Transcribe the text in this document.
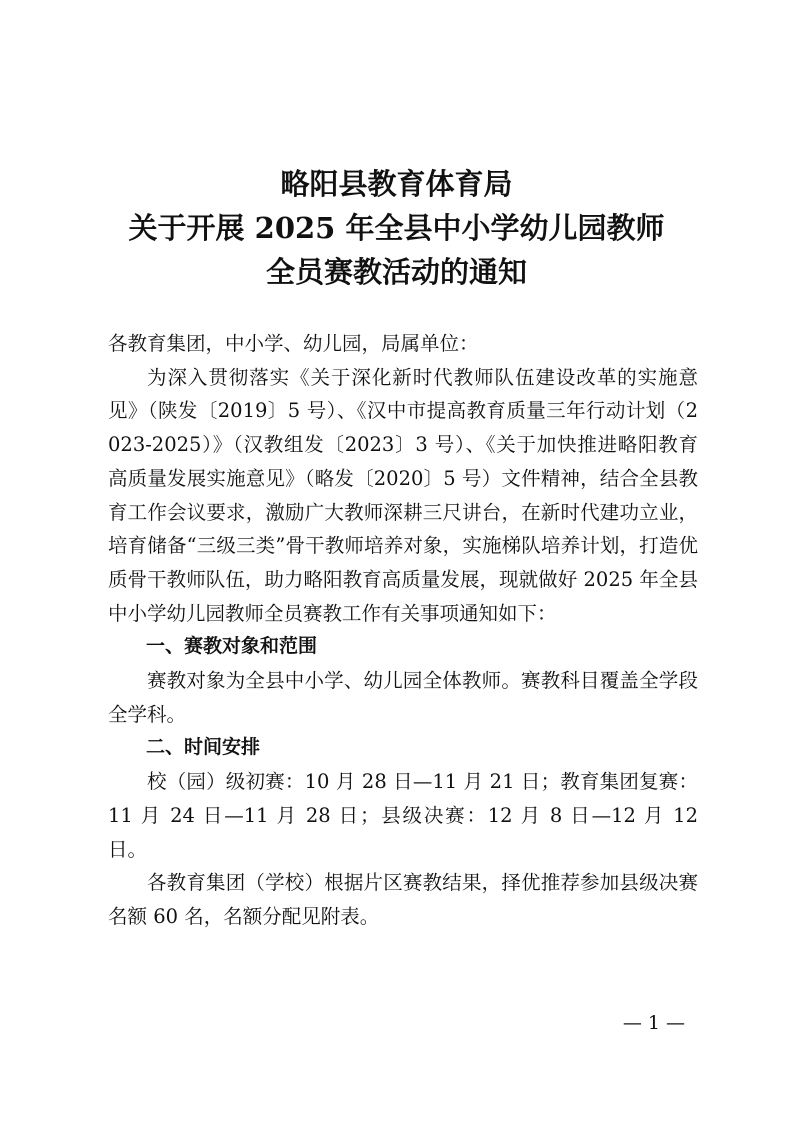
略阳县教育体育局
关于开展 2025 年全县中小学幼儿园教师
全员赛教活动的通知

各教育集团，中小学、幼儿园，局属单位：

为深入贯彻落实《关于深化新时代教师队伍建设改革的实施意见》（陕发〔2019〕5 号）、《汉中市提高教育质量三年行动计划（2023-2025）》（汉教组发〔2023〕3 号）、《关于加快推进略阳教育高质量发展实施意见》（略发〔2020〕5 号）文件精神，结合全县教育工作会议要求，激励广大教师深耕三尺讲台，在新时代建功立业，培育储备“三级三类”骨干教师培养对象，实施梯队培养计划，打造优质骨干教师队伍，助力略阳教育高质量发展，现就做好 2025 年全县中小学幼儿园教师全员赛教工作有关事项通知如下：

一、赛教对象和范围

赛教对象为全县中小学、幼儿园全体教师。赛教科目覆盖全学段全学科。

二、时间安排

校（园）级初赛：10 月 28 日—11 月 21 日；教育集团复赛：11 月 24 日—11 月 28 日；县级决赛：12 月 8 日—12 月 12 日。

各教育集团（学校）根据片区赛教结果，择优推荐参加县级决赛名额 60 名，名额分配见附表。

— 1 —
